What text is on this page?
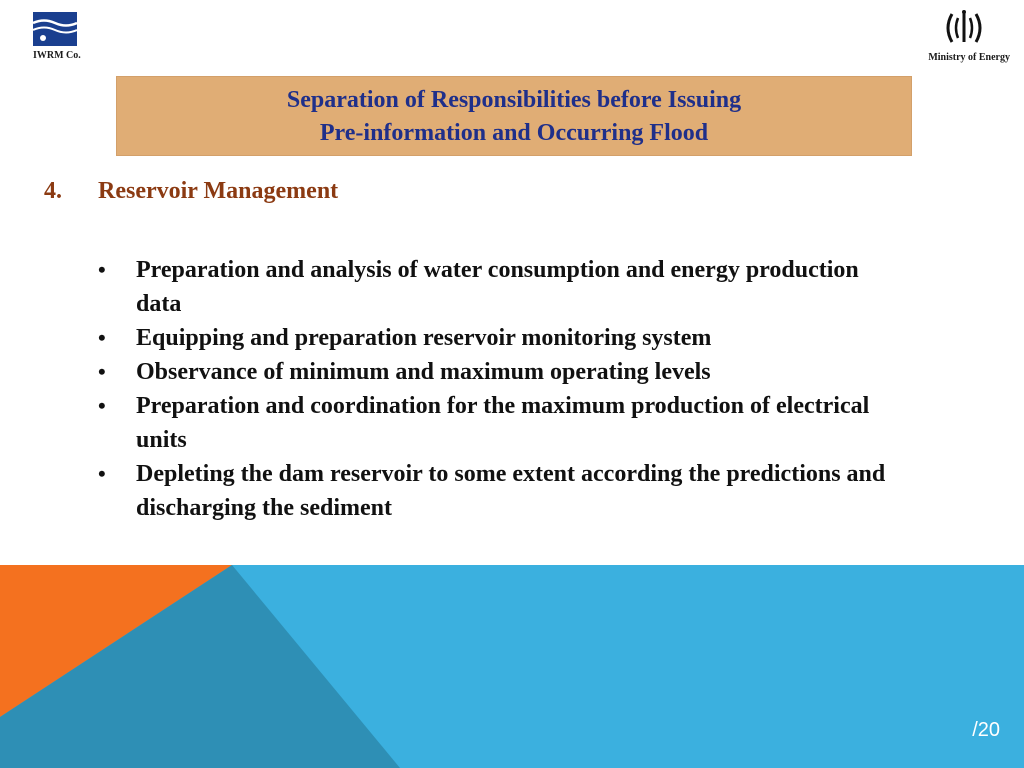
IWRM Co.	Ministry of Energy
Separation of Responsibilities before Issuing
Pre-information and Occurring Flood
4. Reservoir Management
• Preparation and analysis of water consumption and energy production data
• Equipping and preparation reservoir monitoring system
• Observance of minimum and maximum operating levels
• Preparation and coordination for the maximum production of electrical units
• Depleting the dam reservoir to some extent according the predictions and discharging the sediment
/20
